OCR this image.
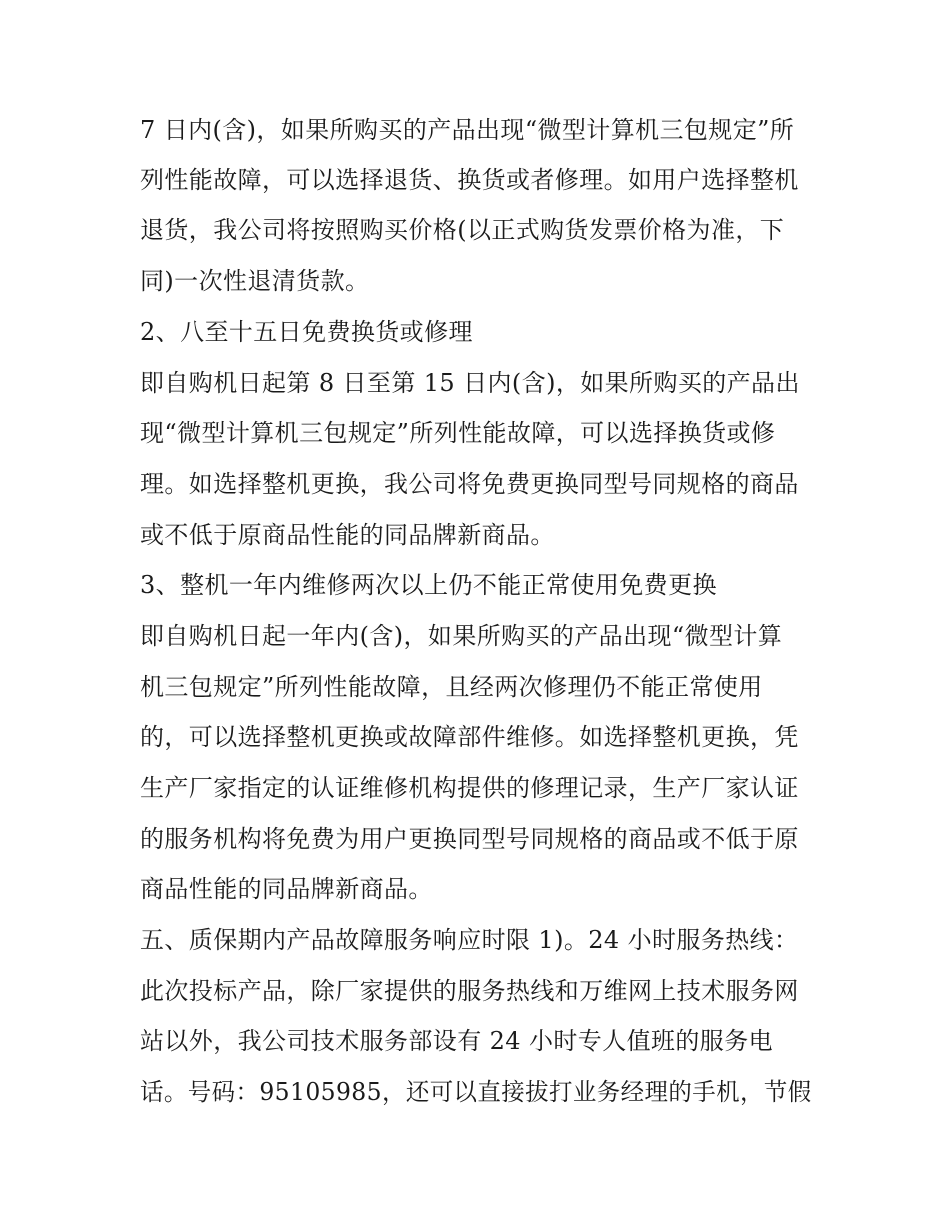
7 日内(含)，如果所购买的产品出现“微型计算机三包规定”所
列性能故障，可以选择退货、换货或者修理。如用户选择整机
退货，我公司将按照购买价格(以正式购货发票价格为准，下
同)一次性退清货款。
2、八至十五日免费换货或修理
即自购机日起第 8 日至第 15 日内(含)，如果所购买的产品出
现“微型计算机三包规定”所列性能故障，可以选择换货或修
理。如选择整机更换，我公司将免费更换同型号同规格的商品
或不低于原商品性能的同品牌新商品。
3、整机一年内维修两次以上仍不能正常使用免费更换
即自购机日起一年内(含)，如果所购买的产品出现“微型计算
机三包规定”所列性能故障，且经两次修理仍不能正常使用
的，可以选择整机更换或故障部件维修。如选择整机更换，凭
生产厂家指定的认证维修机构提供的修理记录，生产厂家认证
的服务机构将免费为用户更换同型号同规格的商品或不低于原
商品性能的同品牌新商品。
五、质保期内产品故障服务响应时限 1)。24 小时服务热线：
此次投标产品，除厂家提供的服务热线和万维网上技术服务网
站以外，我公司技术服务部设有 24 小时专人值班的服务电
话。号码：95105985，还可以直接拔打业务经理的手机，节假
